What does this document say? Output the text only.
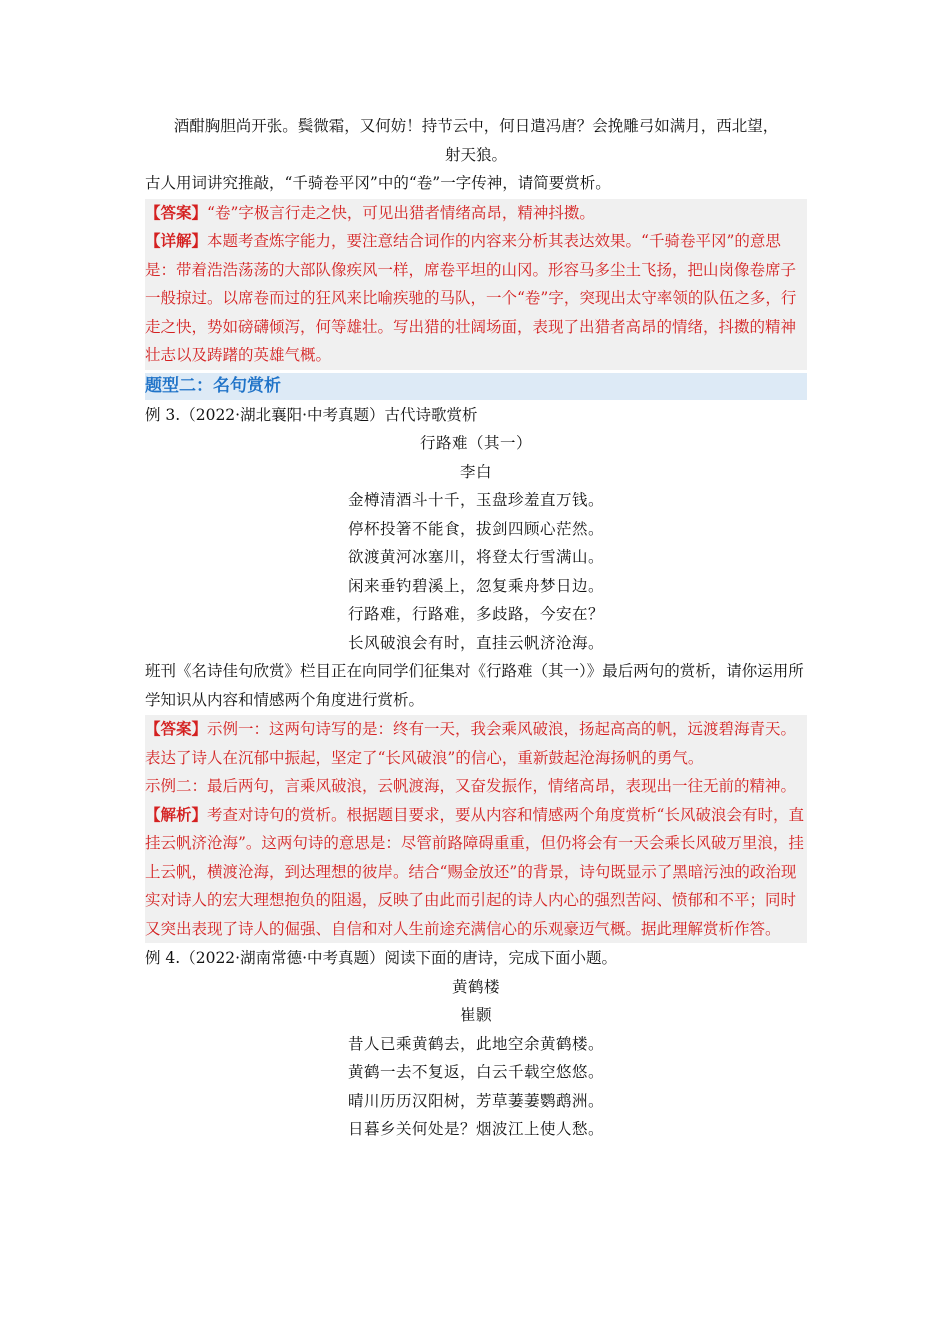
酒酣胸胆尚开张。鬓微霜，又何妨！持节云中，何日遣冯唐？会挽雕弓如满月，西北望，

射天狼。

古人用词讲究推敲，“千骑卷平冈”中的“卷”一字传神，请简要赏析。

【答案】“卷”字极言行走之快，可见出猎者情绪高昂，精神抖擞。

【详解】本题考查炼字能力，要注意结合词作的内容来分析其表达效果。“千骑卷平冈”的意思是：带着浩浩荡荡的大部队像疾风一样，席卷平坦的山冈。形容马多尘土飞扬，把山岗像卷席子一般掠过。以席卷而过的狂风来比喻疾驰的马队，一个“卷”字，突现出太守率领的队伍之多，行走之快，势如磅礴倾泻，何等雄壮。写出猎的壮阔场面，表现了出猎者高昂的情绪，抖擞的精神壮志以及踌躇的英雄气概。

题型二：名句赏析

例 3.（2022·湖北襄阳·中考真题）古代诗歌赏析

行路难（其一）

李白

金樽清酒斗十千，玉盘珍羞直万钱。

停杯投箸不能食，拔剑四顾心茫然。

欲渡黄河冰塞川，将登太行雪满山。

闲来垂钓碧溪上，忽复乘舟梦日边。

行路难，行路难，多歧路，今安在？

长风破浪会有时，直挂云帆济沧海。

班刊《名诗佳句欣赏》栏目正在向同学们征集对《行路难（其一）》最后两句的赏析，请你运用所学知识从内容和情感两个角度进行赏析。

【答案】示例一：这两句诗写的是：终有一天，我会乘风破浪，扬起高高的帆，远渡碧海青天。表达了诗人在沉郁中振起，坚定了“长风破浪”的信心，重新鼓起沧海扬帆的勇气。

示例二：最后两句，言乘风破浪，云帆渡海，又奋发振作，情绪高昂，表现出一往无前的精神。

【解析】考查对诗句的赏析。根据题目要求，要从内容和情感两个角度赏析“长风破浪会有时，直挂云帆济沧海”。这两句诗的意思是：尽管前路障碍重重，但仍将会有一天会乘长风破万里浪，挂上云帆，横渡沧海，到达理想的彼岸。结合“赐金放还”的背景，诗句既显示了黑暗污浊的政治现实对诗人的宏大理想抱负的阻遏，反映了由此而引起的诗人内心的强烈苦闷、愤郁和不平；同时又突出表现了诗人的倔强、自信和对人生前途充满信心的乐观豪迈气概。据此理解赏析作答。

例 4.（2022·湖南常德·中考真题）阅读下面的唐诗，完成下面小题。

黄鹤楼

崔颢

昔人已乘黄鹤去，此地空余黄鹤楼。

黄鹤一去不复返，白云千载空悠悠。

晴川历历汉阳树，芳草萋萋鹦鹉洲。

日暮乡关何处是？烟波江上使人愁。
